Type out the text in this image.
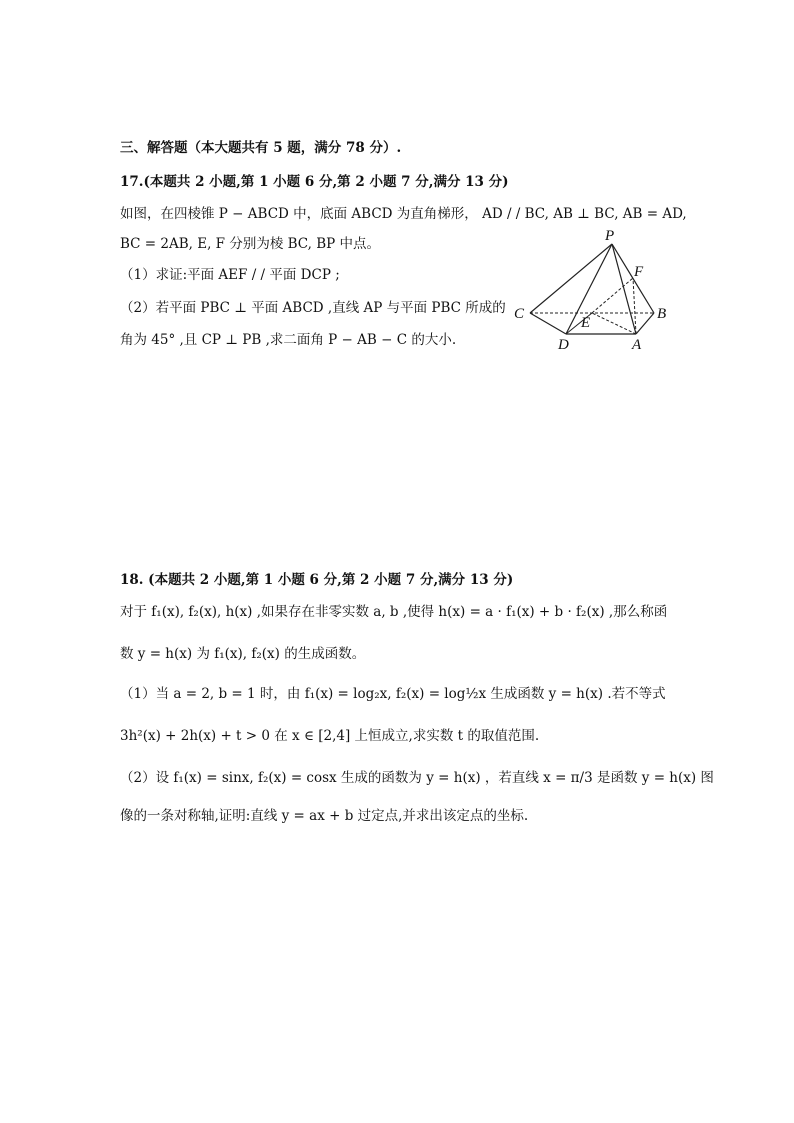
三、解答题（本大题共有 5 题，满分 78 分）.
17.(本题共 2 小题,第 1 小题 6 分,第 2 小题 7 分,满分 13 分)
如图，在四棱锥 P − ABCD 中，底面 ABCD 为直角梯形， AD / / BC, AB ⊥ BC, AB = AD,
BC = 2AB, E, F 分别为棱 BC, BP 中点。
（1）求证:平面 AEF / / 平面 DCP ;
（2）若平面 PBC ⊥ 平面 ABCD ,直线 AP 与平面 PBC 所成的
角为 45° ,且 CP ⊥ PB ,求二面角 P − AB − C 的大小.
P
F
C
E
B
D	A
18. (本题共 2 小题,第 1 小题 6 分,第 2 小题 7 分,满分 13 分)
对于 f₁(x), f₂(x), h(x) ,如果存在非零实数 a, b ,使得 h(x) = a · f₁(x) + b · f₂(x) ,那么称函
数 y = h(x) 为 f₁(x), f₂(x) 的生成函数。
（1）当 a = 2, b = 1 时，由 f₁(x) = log₂x, f₂(x) = log½x 生成函数 y = h(x) .若不等式
3h²(x) + 2h(x) + t > 0 在 x ∈ [2,4] 上恒成立,求实数 t 的取值范围.
（2）设 f₁(x) = sinx, f₂(x) = cosx 生成的函数为 y = h(x) ，若直线 x = π/3 是函数 y = h(x) 图
像的一条对称轴,证明:直线 y = ax + b 过定点,并求出该定点的坐标.
